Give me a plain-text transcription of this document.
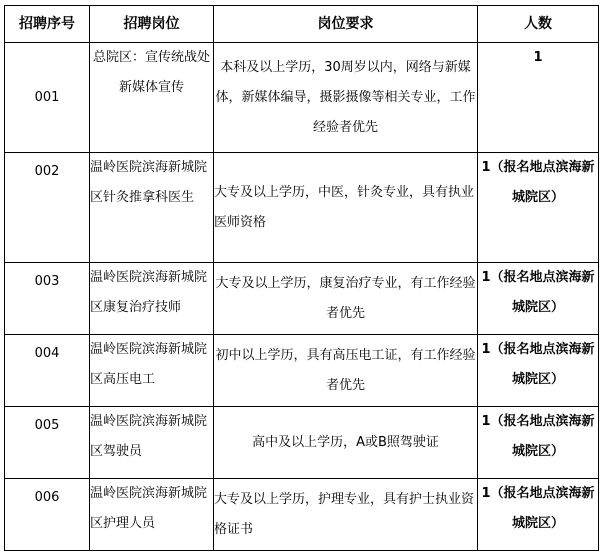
招聘序号	招聘岗位	岗位要求	人数
001	总院区：宣传统战处新媒体宣传	本科及以上学历，30周岁以内，网络与新媒体，新媒体编导，摄影摄像等相关专业，工作经验者优先	1
002	温岭医院滨海新城院区针灸推拿科医生	大专及以上学历，中医，针灸专业，具有执业医师资格	1（报名地点滨海新城院区）
003	温岭医院滨海新城院区康复治疗技师	大专及以上学历，康复治疗专业，有工作经验者优先	1（报名地点滨海新城院区）
004	温岭医院滨海新城院区高压电工	初中以上学历，具有高压电工证，有工作经验者优先	1（报名地点滨海新城院区）
005	温岭医院滨海新城院区驾驶员	高中及以上学历，A或B照驾驶证	1（报名地点滨海新城院区）
006	温岭医院滨海新城院区护理人员	大专及以上学历，护理专业，具有护士执业资格证书	1（报名地点滨海新城院区）
